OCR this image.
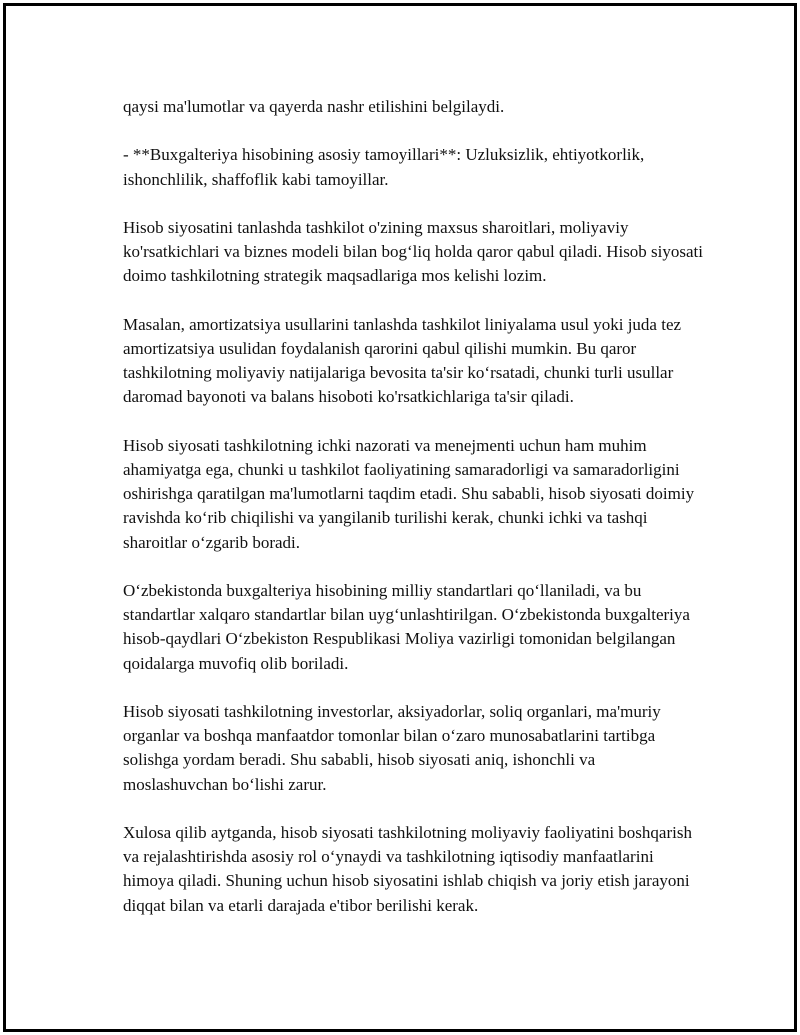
qaysi ma'lumotlar va qayerda nashr etilishini belgilaydi.

- **Buxgalteriya hisobining asosiy tamoyillari**: Uzluksizlik, ehtiyotkorlik, ishonchlilik, shaffoflik kabi tamoyillar.

Hisob siyosatini tanlashda tashkilot o'zining maxsus sharoitlari, moliyaviy ko'rsatkichlari va biznes modeli bilan bog‘liq holda qaror qabul qiladi. Hisob siyosati doimo tashkilotning strategik maqsadlariga mos kelishi lozim.

Masalan, amortizatsiya usullarini tanlashda tashkilot liniyalama usul yoki juda tez amortizatsiya usulidan foydalanish qarorini qabul qilishi mumkin. Bu qaror tashkilotning moliyaviy natijalariga bevosita ta'sir ko‘rsatadi, chunki turli usullar daromad bayonoti va balans hisoboti ko'rsatkichlariga ta'sir qiladi.

Hisob siyosati tashkilotning ichki nazorati va menejmenti uchun ham muhim ahamiyatga ega, chunki u tashkilot faoliyatining samaradorligi va samaradorligini oshirishga qaratilgan ma'lumotlarni taqdim etadi. Shu sababli, hisob siyosati doimiy ravishda ko‘rib chiqilishi va yangilanib turilishi kerak, chunki ichki va tashqi sharoitlar o‘zgarib boradi.

O‘zbekistonda buxgalteriya hisobining milliy standartlari qo‘llaniladi, va bu standartlar xalqaro standartlar bilan uyg‘unlashtirilgan. O‘zbekistonda buxgalteriya hisob-qaydlari O‘zbekiston Respublikasi Moliya vazirligi tomonidan belgilangan qoidalarga muvofiq olib boriladi.

Hisob siyosati tashkilotning investorlar, aksiyadorlar, soliq organlari, ma'muriy organlar va boshqa manfaatdor tomonlar bilan o‘zaro munosabatlarini tartibga solishga yordam beradi. Shu sababli, hisob siyosati aniq, ishonchli va moslashuvchan bo‘lishi zarur.

Xulosa qilib aytganda, hisob siyosati tashkilotning moliyaviy faoliyatini boshqarish va rejalashtirishda asosiy rol o‘ynaydi va tashkilotning iqtisodiy manfaatlarini himoya qiladi. Shuning uchun hisob siyosatini ishlab chiqish va joriy etish jarayoni diqqat bilan va etarli darajada e'tibor berilishi kerak.
